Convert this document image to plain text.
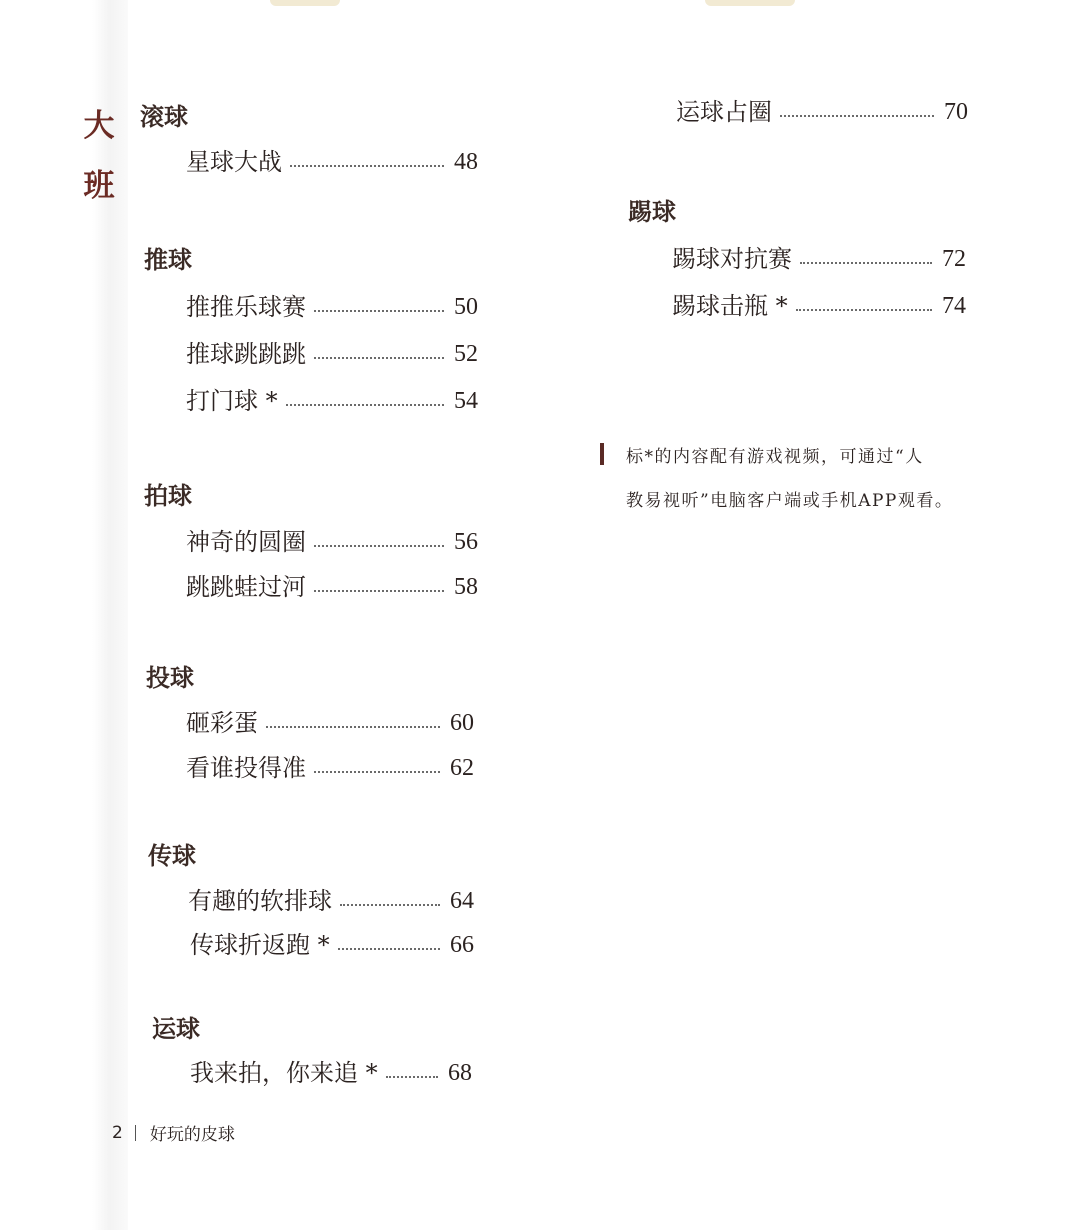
大
班
滚球
星球大战	48
推球
推推乐球赛	50
推球跳跳跳	52
打门球 *	54
拍球
神奇的圆圈	56
跳跳蛙过河	58
投球
砸彩蛋	60
看谁投得准	62
传球
有趣的软排球	64
传球折返跑 *	66
运球
我来拍，你来追 *	68
运球占圈	70
踢球
踢球对抗赛	72
踢球击瓶 *	74
标*的内容配有游戏视频，可通过“人
教易视听”电脑客户端或手机APP观看。
2 好玩的皮球
